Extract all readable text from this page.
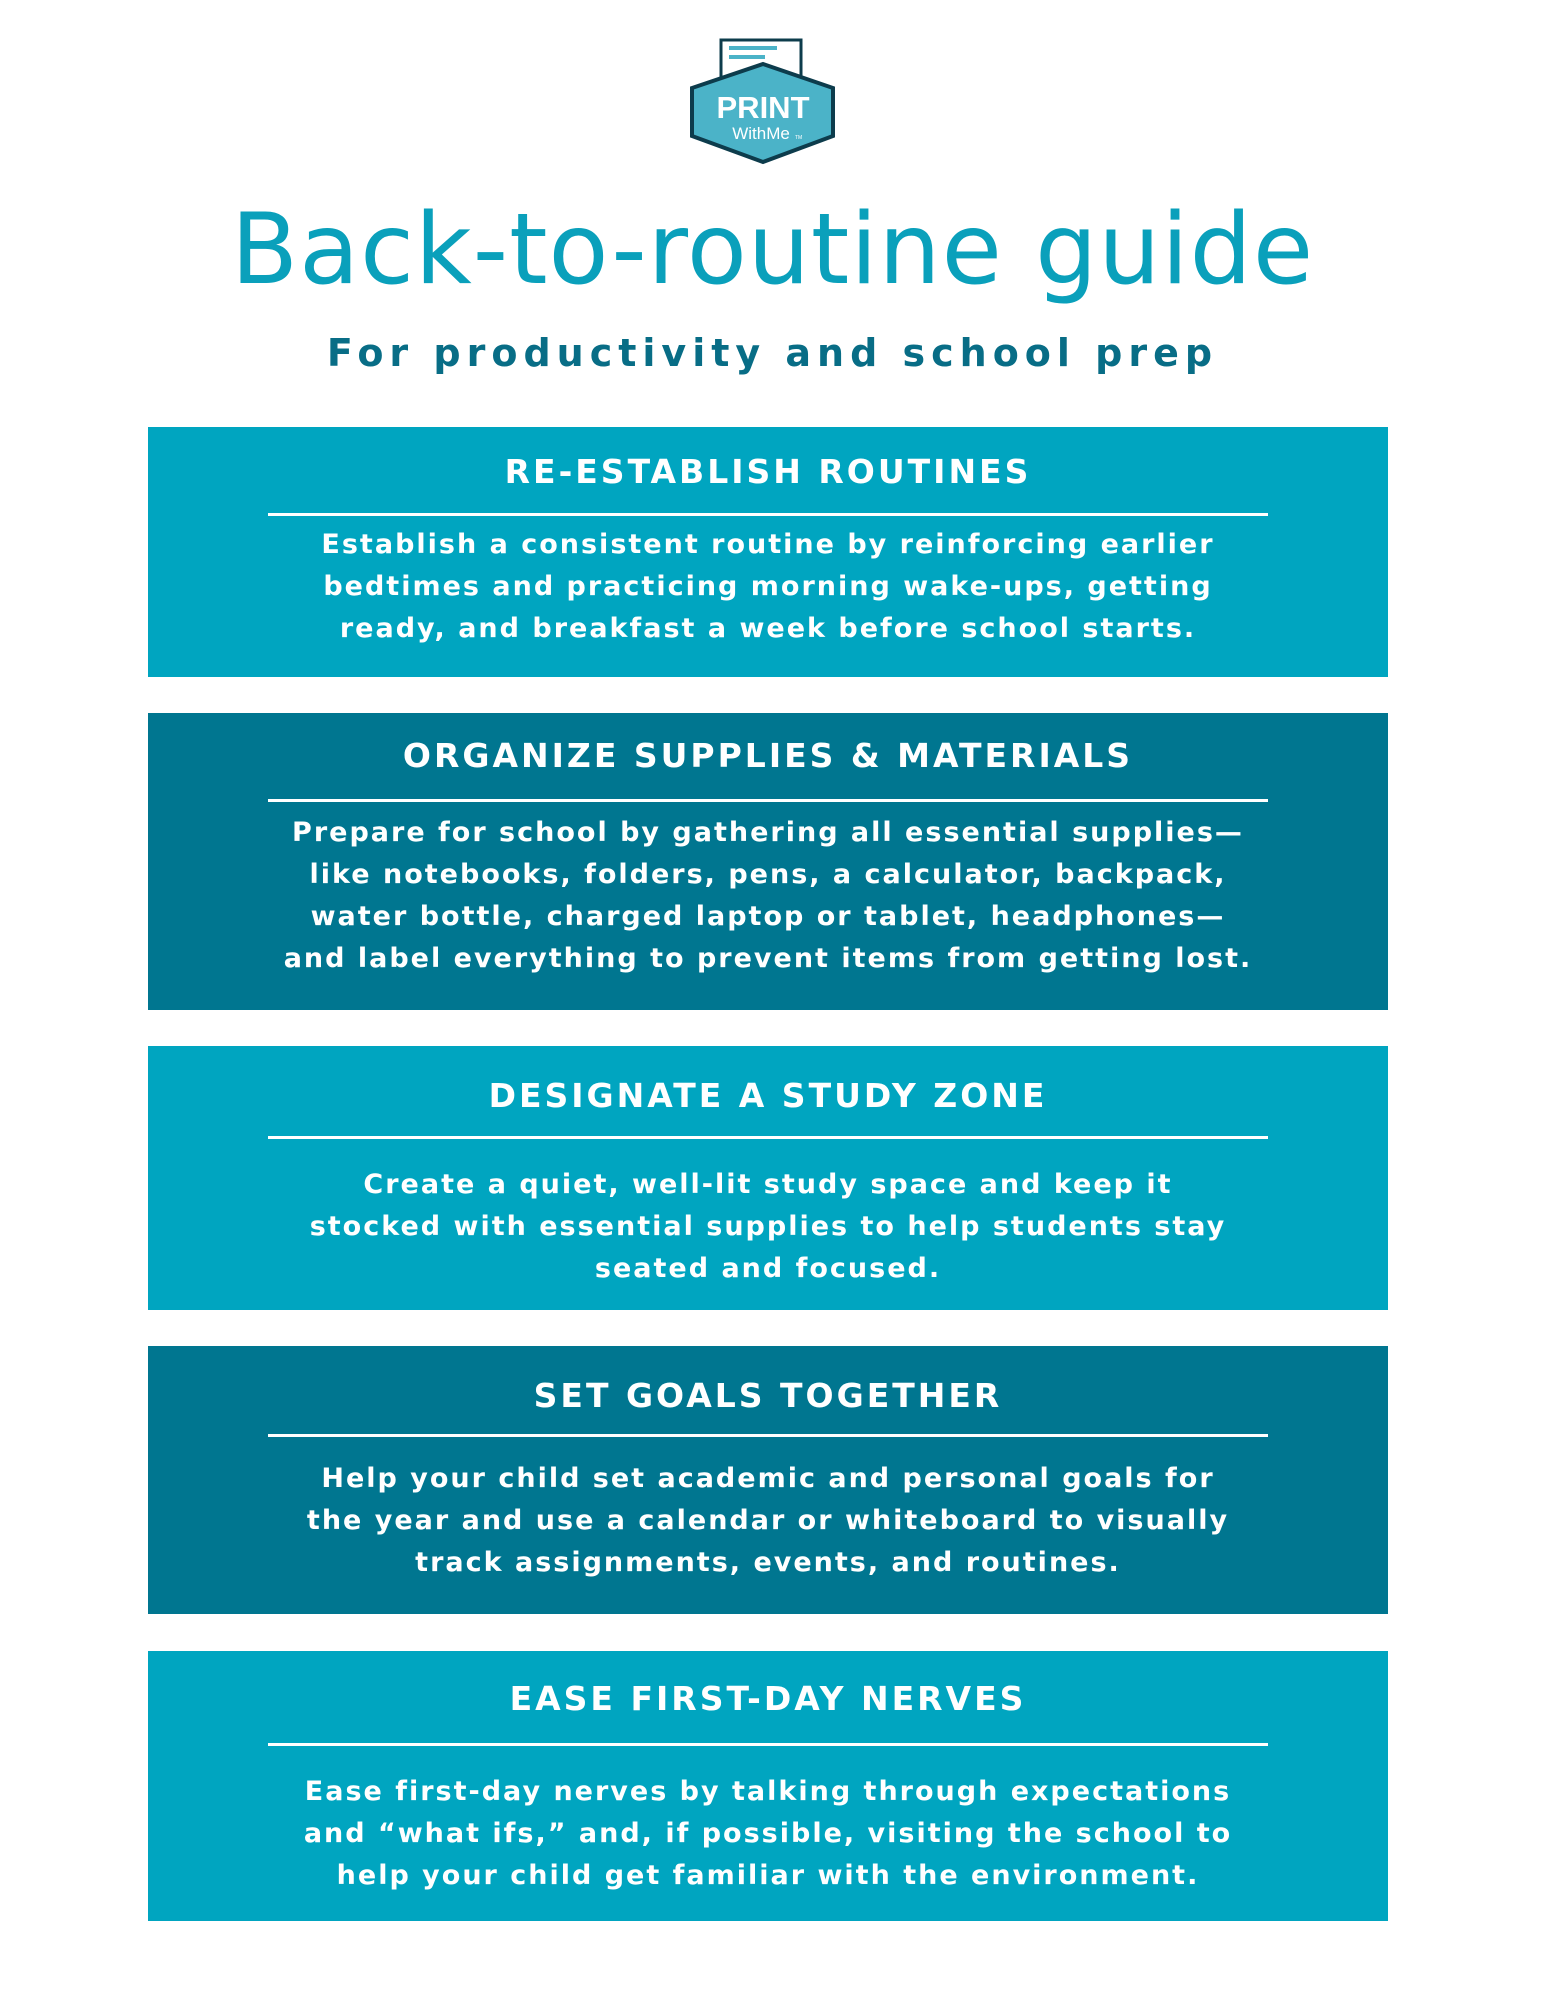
PRINT
WithMe TM
Back-to-routine guide
For productivity and school prep
RE-ESTABLISH ROUTINES
Establish a consistent routine by reinforcing earlier
bedtimes and practicing morning wake-ups, getting
ready, and breakfast a week before school starts.
ORGANIZE SUPPLIES & MATERIALS
Prepare for school by gathering all essential supplies—
like notebooks, folders, pens, a calculator, backpack,
water bottle, charged laptop or tablet, headphones—
and label everything to prevent items from getting lost.
DESIGNATE A STUDY ZONE
Create a quiet, well-lit study space and keep it
stocked with essential supplies to help students stay
seated and focused.
SET GOALS TOGETHER
Help your child set academic and personal goals for
the year and use a calendar or whiteboard to visually
track assignments, events, and routines.
EASE FIRST-DAY NERVES
Ease first-day nerves by talking through expectations
and “what ifs,” and, if possible, visiting the school to
help your child get familiar with the environment.
